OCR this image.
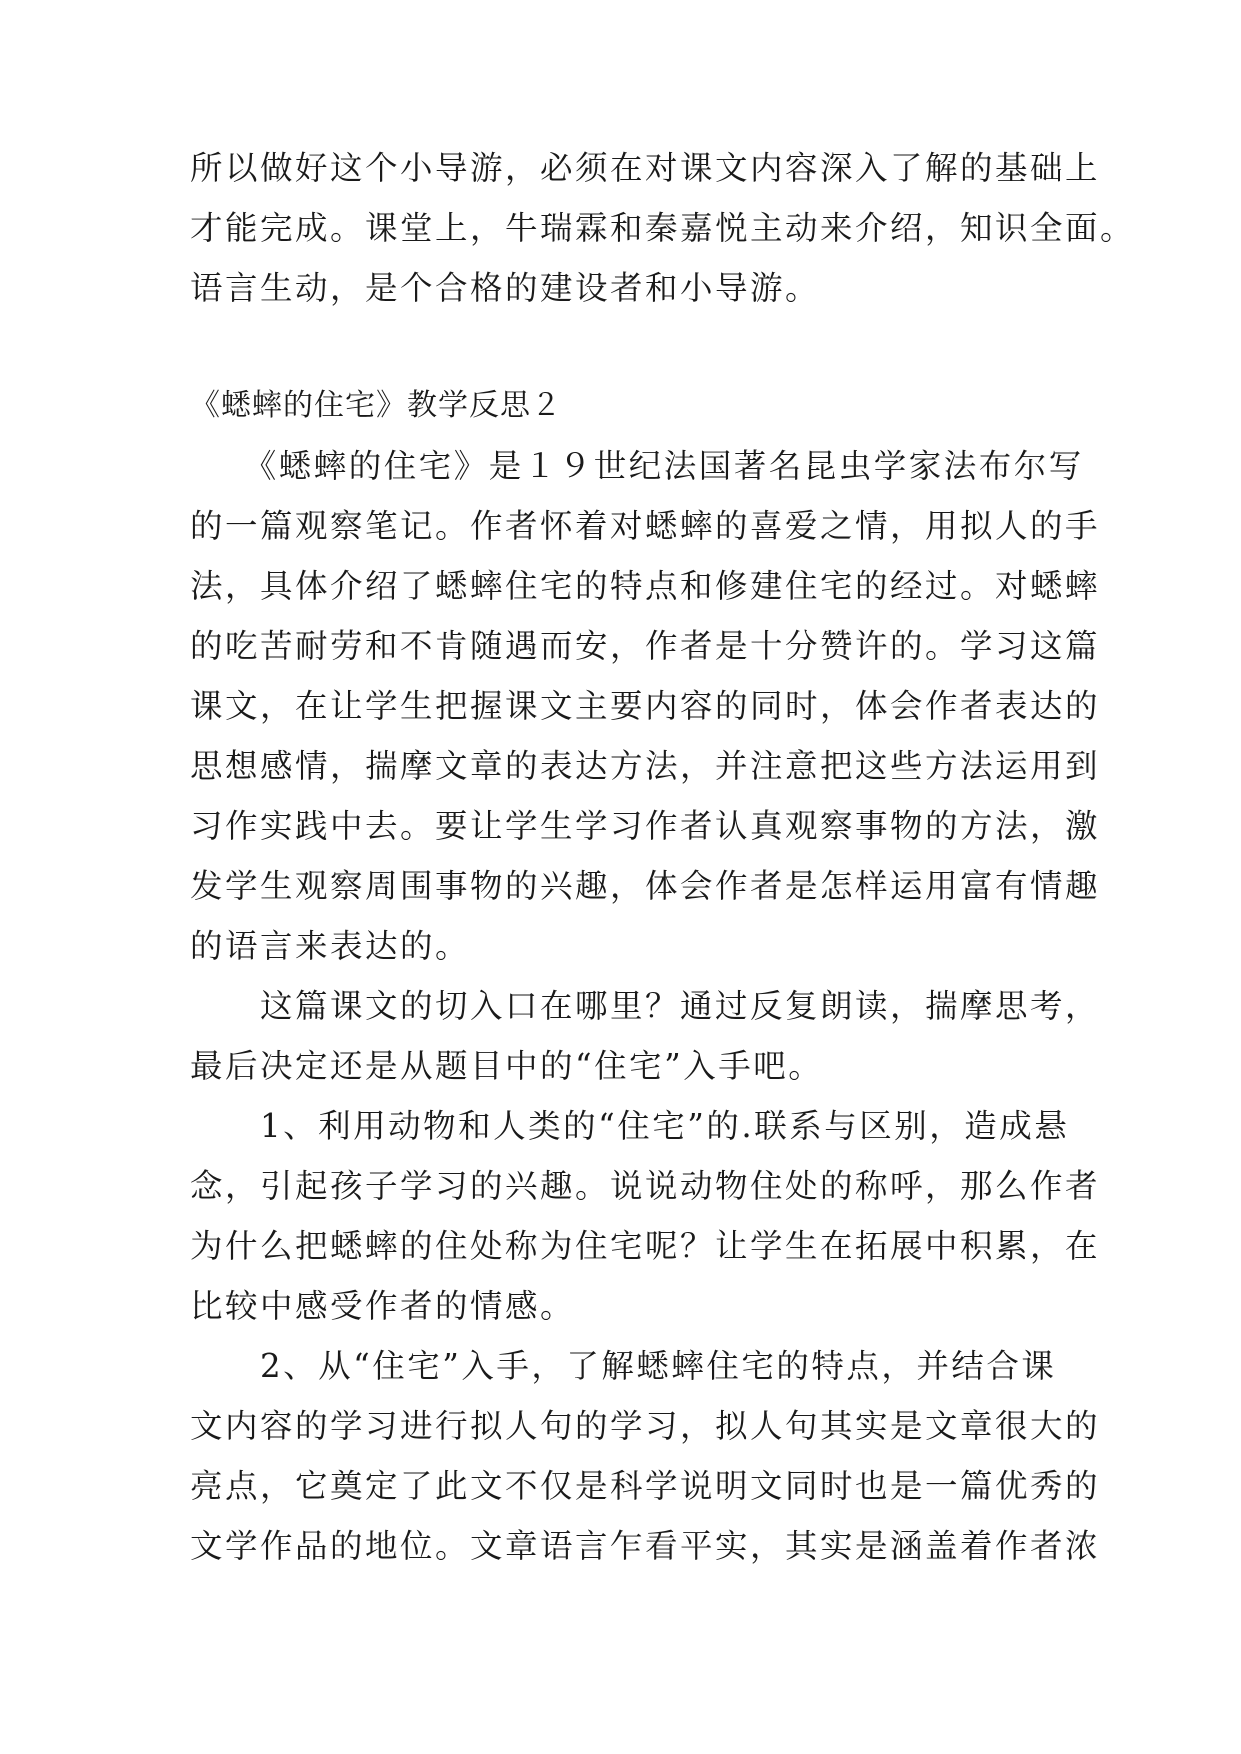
所以做好这个小导游，必须在对课文内容深入了解的基础上
才能完成。课堂上，牛瑞霖和秦嘉悦主动来介绍，知识全面。
语言生动，是个合格的建设者和小导游。
《蟋蟀的住宅》教学反思２
　　《蟋蟀的住宅》是１９世纪法国著名昆虫学家法布尔写
的一篇观察笔记。作者怀着对蟋蟀的喜爱之情，用拟人的手
法，具体介绍了蟋蟀住宅的特点和修建住宅的经过。对蟋蟀
的吃苦耐劳和不肯随遇而安，作者是十分赞许的。学习这篇
课文，在让学生把握课文主要内容的同时，体会作者表达的
思想感情，揣摩文章的表达方法，并注意把这些方法运用到
习作实践中去。要让学生学习作者认真观察事物的方法，激
发学生观察周围事物的兴趣，体会作者是怎样运用富有情趣
的语言来表达的。
　　这篇课文的切入口在哪里？通过反复朗读，揣摩思考，
最后决定还是从题目中的“住宅”入手吧。
　　1、利用动物和人类的“住宅”的.联系与区别，造成悬
念，引起孩子学习的兴趣。说说动物住处的称呼，那么作者
为什么把蟋蟀的住处称为住宅呢？让学生在拓展中积累，在
比较中感受作者的情感。
　　2、从“住宅”入手，了解蟋蟀住宅的特点，并结合课
文内容的学习进行拟人句的学习，拟人句其实是文章很大的
亮点，它奠定了此文不仅是科学说明文同时也是一篇优秀的
文学作品的地位。文章语言乍看平实，其实是涵盖着作者浓
